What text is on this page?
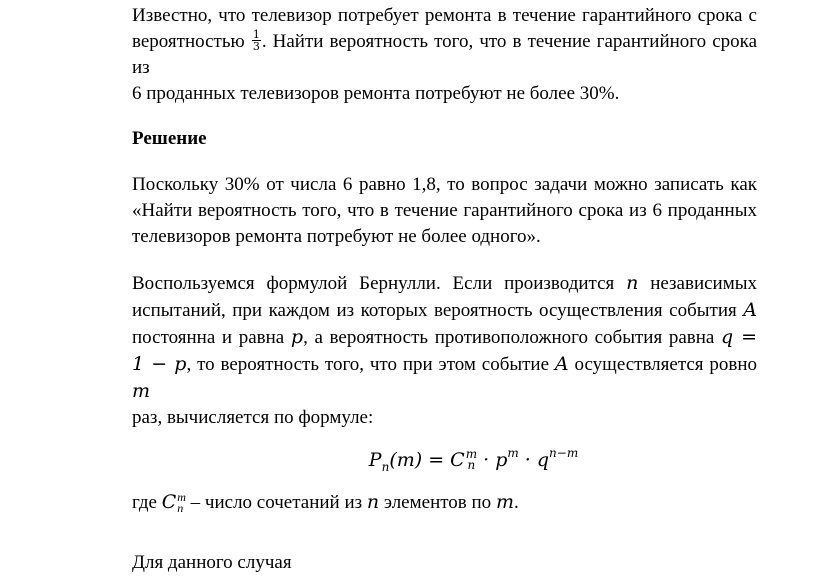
Известно, что телевизор потребует ремонта в течение гарантийного срока с
вероятностью $\frac{1}{3}$ . Найти вероятность того, что в течение гарантийного срока из
6 проданных телевизоров ремонта потребуют не более 30%.

Решение

Поскольку 30% от числа 6 равно 1,8, то вопрос задачи можно записать как
«Найти вероятность того, что в течение гарантийного срока из 6 проданных
телевизоров ремонта потребуют не более одного».

Воспользуемся формулой Бернулли. Если производится n независимых
испытаний, при каждом из которых вероятность осуществления события A
постоянна и равна p, а вероятность противоположного события равна q =
1 − p, то вероятность того, что при этом событие A осуществляется ровно m
раз, вычисляется по формуле:

$P_n(m) = C$ m
$n \cdot p^m \cdot q^{n-m}$

где C m
n – число сочетаний из n элементов по m.

Для данного случая
